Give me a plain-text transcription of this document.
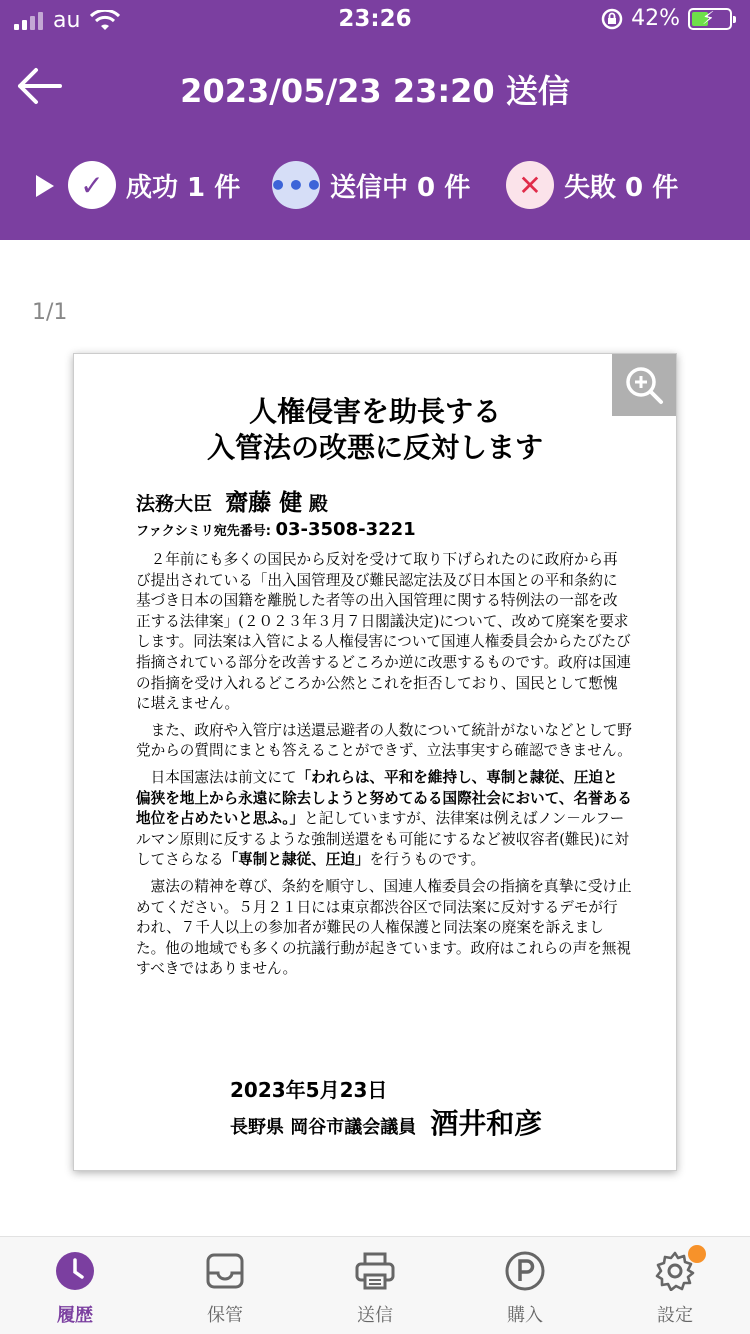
au	23:26	42% ⚡
2023/05/23 23:20 送信
✓ 成功 1 件 ••• 送信中 0 件	✕ 失敗 0 件
1/1
人権侵害を助長する
入管法の改悪に反対します
法務大臣 齋藤 健 殿
ファクシミリ宛先番号: 03-3508-3221

２年前にも多くの国民から反対を受けて取り下げられたのに政府から再び提出されている「出入国管理及び難民認定法及び日本国との平和条約に基づき日本の国籍を離脱した者等の出入国管理に関する特例法の一部を改正する法律案」(２０２３年３月７日閣議決定)について、改めて廃案を要求します。同法案は入管による人権侵害について国連人権委員会からたびたび指摘されている部分を改善するどころか逆に改悪するものです。政府は国連の指摘を受け入れるどころか公然とこれを拒否しており、国民として慙愧に堪えません。

また、政府や入管庁は送還忌避者の人数について統計がないなどとして野党からの質問にまとも答えることができず、立法事実すら確認できません。

日本国憲法は前文にて「われらは、平和を維持し、専制と隷従、圧迫と偏狭を地上から永遠に除去しようと努めてゐる国際社会において、名誉ある地位を占めたいと思ふ。」と記していますが、法律案は例えばノン－ルフールマン原則に反するような強制送還をも可能にするなど被収容者(難民)に対してさらなる「専制と隷従、圧迫」を行うものです。

憲法の精神を尊び、条約を順守し、国連人権委員会の指摘を真摯に受け止めてください。５月２１日には東京都渋谷区で同法案に反対するデモが行われ、７千人以上の参加者が難民の人権保護と同法案の廃案を訴えました。他の地域でも多くの抗議行動が起きています。政府はこれらの声を無視すべきではありません。

2023年5月23日
長野県 岡谷市議会議員 酒井和彦
履歴	保管	送信	購入	設定
